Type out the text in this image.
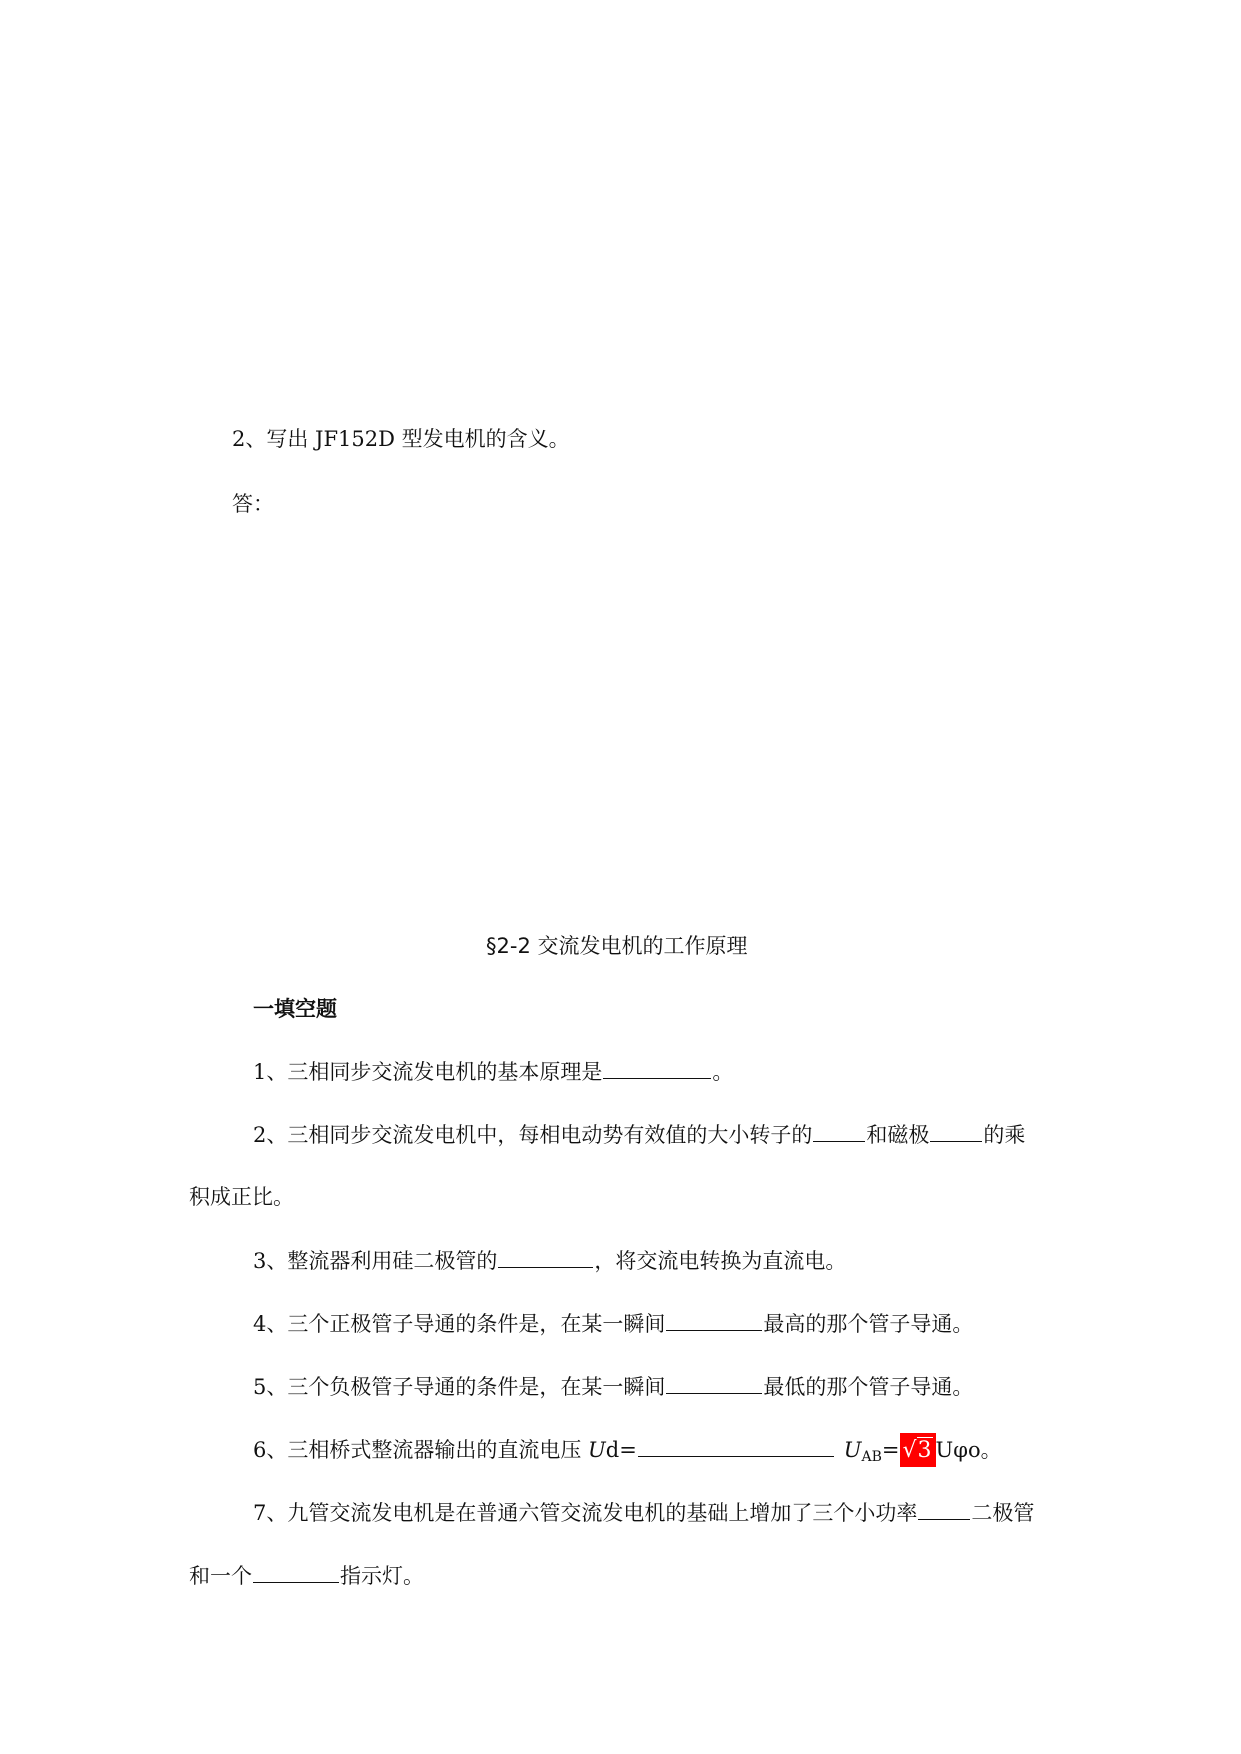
2、写出 JF152D 型发电机的含义。
答：
§2-2 交流发电机的工作原理
一填空题
1、三相同步交流发电机的基本原理是	。
2、三相同步交流发电机中，每相电动势有效值的大小转子的	和磁极	的乘
积成正比。
3、整流器利用硅二极管的	，将交流电转换为直流电。
4、三个正极管子导通的条件是，在某一瞬间	最高的那个管子导通。
5、三个负极管子导通的条件是，在某一瞬间	最低的那个管子导通。
6、三相桥式整流器输出的直流电压 Ud=	$U_{AB}= √3$ Uφo。
7、九管交流发电机是在普通六管交流发电机的基础上增加了三个小功率	二极管
和一个	指示灯。
